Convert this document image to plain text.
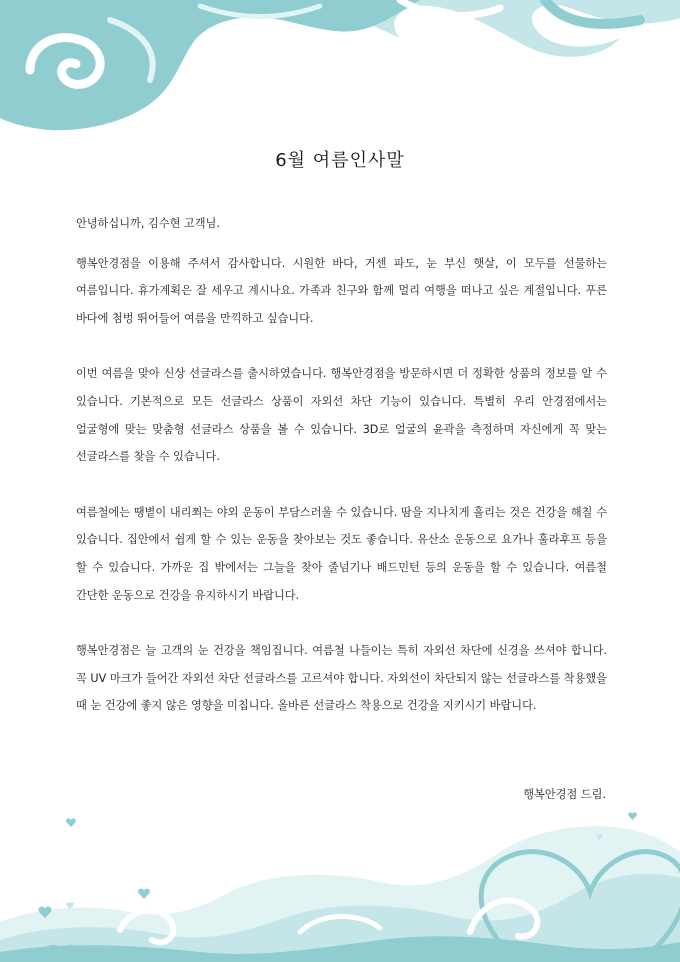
6월 여름인사말

안녕하십니까, 김수현 고객님.

행복안경점을 이용해 주셔서 감사합니다. 시원한 바다, 거센 파도, 눈 부신 햇살, 이 모두를 선물하는 여름입니다. 휴가계획은 잘 세우고 계시나요. 가족과 친구와 함께 멀리 여행을 떠나고 싶은 계절입니다. 푸른 바다에 첨벙 뛰어들어 여름을 만끽하고 싶습니다.

이번 여름을 맞아 신상 선글라스를 출시하였습니다. 행복안경점을 방문하시면 더 정확한 상품의 정보를 알 수 있습니다. 기본적으로 모든 선글라스 상품이 자외선 차단 기능이 있습니다. 특별히 우리 안경점에서는 얼굴형에 맞는 맞춤형 선글라스 상품을 볼 수 있습니다. 3D로 얼굴의 윤곽을 측정하며 자신에게 꼭 맞는 선글라스를 찾을 수 있습니다.

여름철에는 땡볕이 내리쬐는 야외 운동이 부담스러울 수 있습니다. 땀을 지나치게 흘리는 것은 건강을 해칠 수 있습니다. 집안에서 쉽게 할 수 있는 운동을 찾아보는 것도 좋습니다. 유산소 운동으로 요가나 훌라후프 등을 할 수 있습니다. 가까운 집 밖에서는 그늘을 찾아 줄넘기나 배드민턴 등의 운동을 할 수 있습니다. 여름철 간단한 운동으로 건강을 유지하시기 바랍니다.

행복안경점은 늘 고객의 눈 건강을 책임집니다. 여름철 나들이는 특히 자외선 차단에 신경을 쓰셔야 합니다. 꼭 UV 마크가 들어간 자외선 차단 선글라스를 고르셔야 합니다. 자외선이 차단되지 않는 선글라스를 착용했을 때 눈 건강에 좋지 않은 영향을 미칩니다. 올바른 선글라스 착용으로 건강을 지키시기 바랍니다.

행복안경점 드림.
